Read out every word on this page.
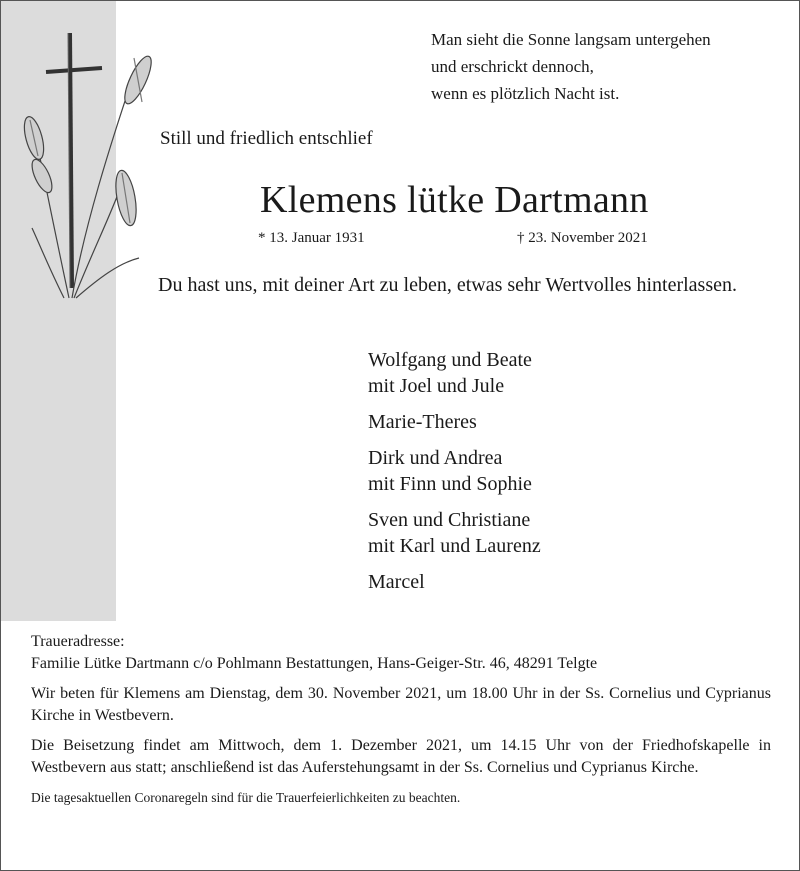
Man sieht die Sonne langsam untergehen
und erschrickt dennoch,
wenn es plötzlich Nacht ist.
Still und friedlich entschlief
Klemens lütke Dartmann
* 13. Januar 1931	† 23. November 2021
Du hast uns, mit deiner Art zu leben, etwas sehr Wertvolles hinterlassen.
Wolfgang und Beate
mit Joel und Jule
Marie-Theres
Dirk und Andrea
mit Finn und Sophie
Sven und Christiane
mit Karl und Laurenz
Marcel

Traueradresse:
Familie Lütke Dartmann c/o Pohlmann Bestattungen, Hans-Geiger-Str. 46, 48291 Telgte

Wir beten für Klemens am Dienstag, dem 30. November 2021, um 18.00 Uhr in der Ss. Cornelius und Cyprianus Kirche in Westbevern.

Die Beisetzung findet am Mittwoch, dem 1. Dezember 2021, um 14.15 Uhr von der Friedhofskapelle in Westbevern aus statt; anschließend ist das Auferstehungsamt in der Ss. Cornelius und Cyprianus Kirche.

Die tagesaktuellen Coronaregeln sind für die Trauerfeierlichkeiten zu beachten.
